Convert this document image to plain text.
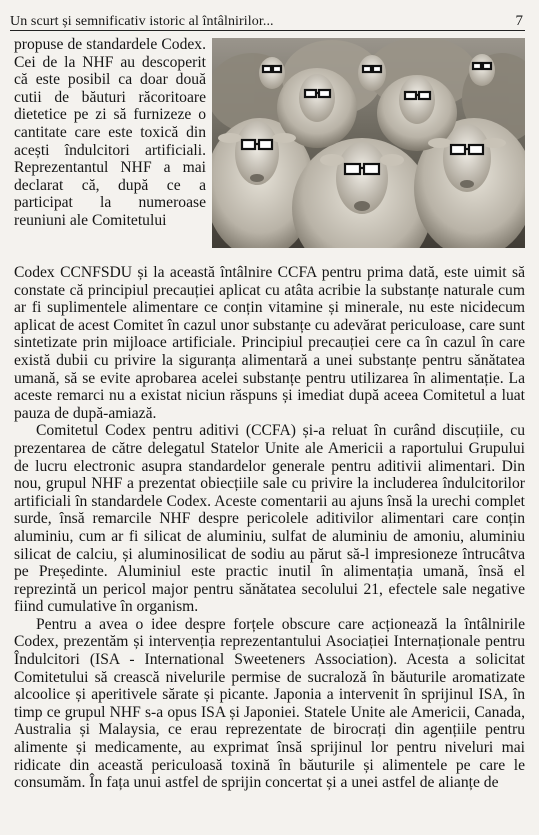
Un scurt și semnificativ istoric al întâlnirilor...	7

propuse de standardele Codex. Cei de la NHF au descoperit că este posibil ca doar două cutii de băuturi răcoritoare dietetice pe zi să furnizeze o cantitate care este toxică din acești îndulcitori artificiali. Reprezentantul NHF a mai declarat că, după ce a participat la numeroase reuniuni ale Comitetului

Codex CCNFSDU și la această întâlnire CCFA pentru prima dată, este uimit să constate că principiul precauției aplicat cu atâta acribie la substanțe naturale cum ar fi suplimentele alimentare ce conțin vitamine și minerale, nu este nicidecum aplicat de acest Comitet în cazul unor substanțe cu adevărat periculoase, care sunt sintetizate prin mijloace artificiale. Principiul precauției cere ca în cazul în care există dubii cu privire la siguranța alimentară a unei substanțe pentru sănătatea umană, să se evite aprobarea acelei substanțe pentru utilizarea în alimentație. La aceste remarci nu a existat niciun răspuns și imediat după aceea Comitetul a luat pauza de după-amiază.

Comitetul Codex pentru aditivi (CCFA) și-a reluat în curând discuțiile, cu prezentarea de către delegatul Statelor Unite ale Americii a raportului Grupului de lucru electronic asupra standardelor generale pentru aditivii alimentari. Din nou, grupul NHF a prezentat obiecțiile sale cu privire la includerea îndulcitorilor artificiali în standardele Codex. Aceste comentarii au ajuns însă la urechi complet surde, însă remarcile NHF despre pericolele aditivilor alimentari care conțin aluminiu, cum ar fi silicat de aluminiu, sulfat de aluminiu de amoniu, aluminiu silicat de calciu, și aluminosilicat de sodiu au părut să-l impresioneze întrucâtva pe Președinte. Aluminiul este practic inutil în alimentația umană, însă el reprezintă un pericol major pentru sănătatea secolului 21, efectele sale negative fiind cumulative în organism.

Pentru a avea o idee despre forțele obscure care acționează la întâlnirile Codex, prezentăm și intervenția reprezentantului Asociației Internaționale pentru Îndulcitori (ISA - International Sweeteners Association). Acesta a solicitat Comitetului să crească nivelurile permise de sucraloză în băuturile aromatizate alcoolice și aperitivele sărate și picante. Japonia a intervenit în sprijinul ISA, în timp ce grupul NHF s-a opus ISA și Japoniei. Statele Unite ale Americii, Canada, Australia și Malaysia, ce erau reprezentate de birocrați din agențiile pentru alimente și medicamente, au exprimat însă sprijinul lor pentru niveluri mai ridicate din această periculoasă toxină în băuturile și alimentele pe care le consumăm. În fața unui astfel de sprijin concertat și a unei astfel de alianțe de
